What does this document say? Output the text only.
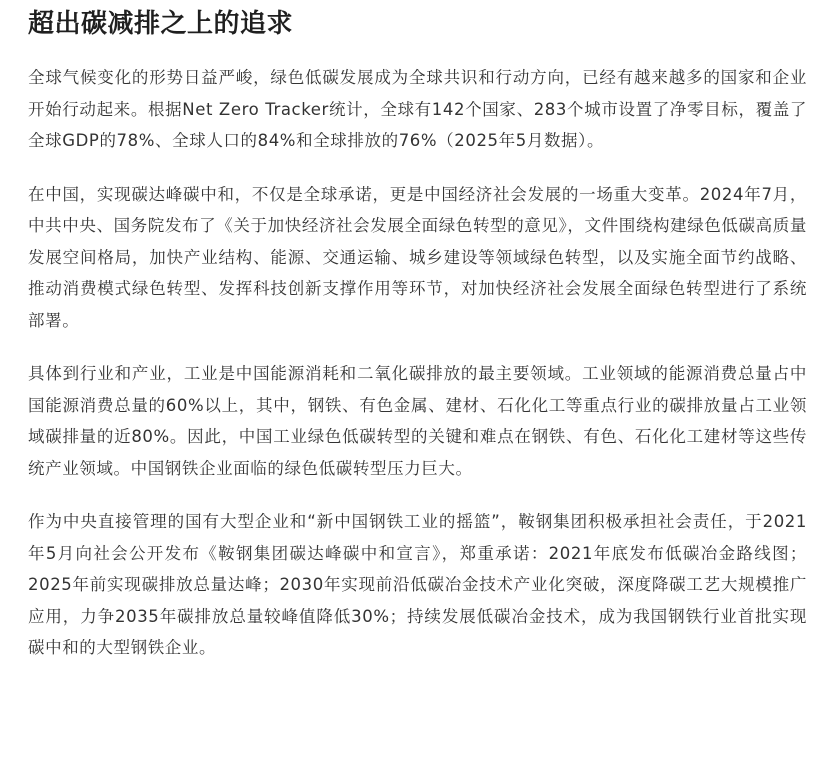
超出碳减排之上的追求

全球气候变化的形势日益严峻，绿色低碳发展成为全球共识和行动方向，已经有越来越多的国家和企业开始行动起来。根据Net Zero Tracker统计，全球有142个国家、283个城市设置了净零目标，覆盖了全球GDP的78%、全球人口的84%和全球排放的76%（2025年5月数据）。

在中国，实现碳达峰碳中和，不仅是全球承诺，更是中国经济社会发展的一场重大变革。2024年7月，中共中央、国务院发布了《关于加快经济社会发展全面绿色转型的意见》，文件围绕构建绿色低碳高质量发展空间格局，加快产业结构、能源、交通运输、城乡建设等领域绿色转型，以及实施全面节约战略、推动消费模式绿色转型、发挥科技创新支撑作用等环节，对加快经济社会发展全面绿色转型进行了系统部署。

具体到行业和产业，工业是中国能源消耗和二氧化碳排放的最主要领域。工业领域的能源消费总量占中国能源消费总量的60%以上，其中，钢铁、有色金属、建材、石化化工等重点行业的碳排放量占工业领域碳排量的近80%。因此，中国工业绿色低碳转型的关键和难点在钢铁、有色、石化化工建材等这些传统产业领域。中国钢铁企业面临的绿色低碳转型压力巨大。

作为中央直接管理的国有大型企业和“新中国钢铁工业的摇篮”，鞍钢集团积极承担社会责任，于2021年5月向社会公开发布《鞍钢集团碳达峰碳中和宣言》，郑重承诺：2021年底发布低碳冶金路线图；2025年前实现碳排放总量达峰；2030年实现前沿低碳冶金技术产业化突破，深度降碳工艺大规模推广应用，力争2035年碳排放总量较峰值降低30%；持续发展低碳冶金技术，成为我国钢铁行业首批实现碳中和的大型钢铁企业。
